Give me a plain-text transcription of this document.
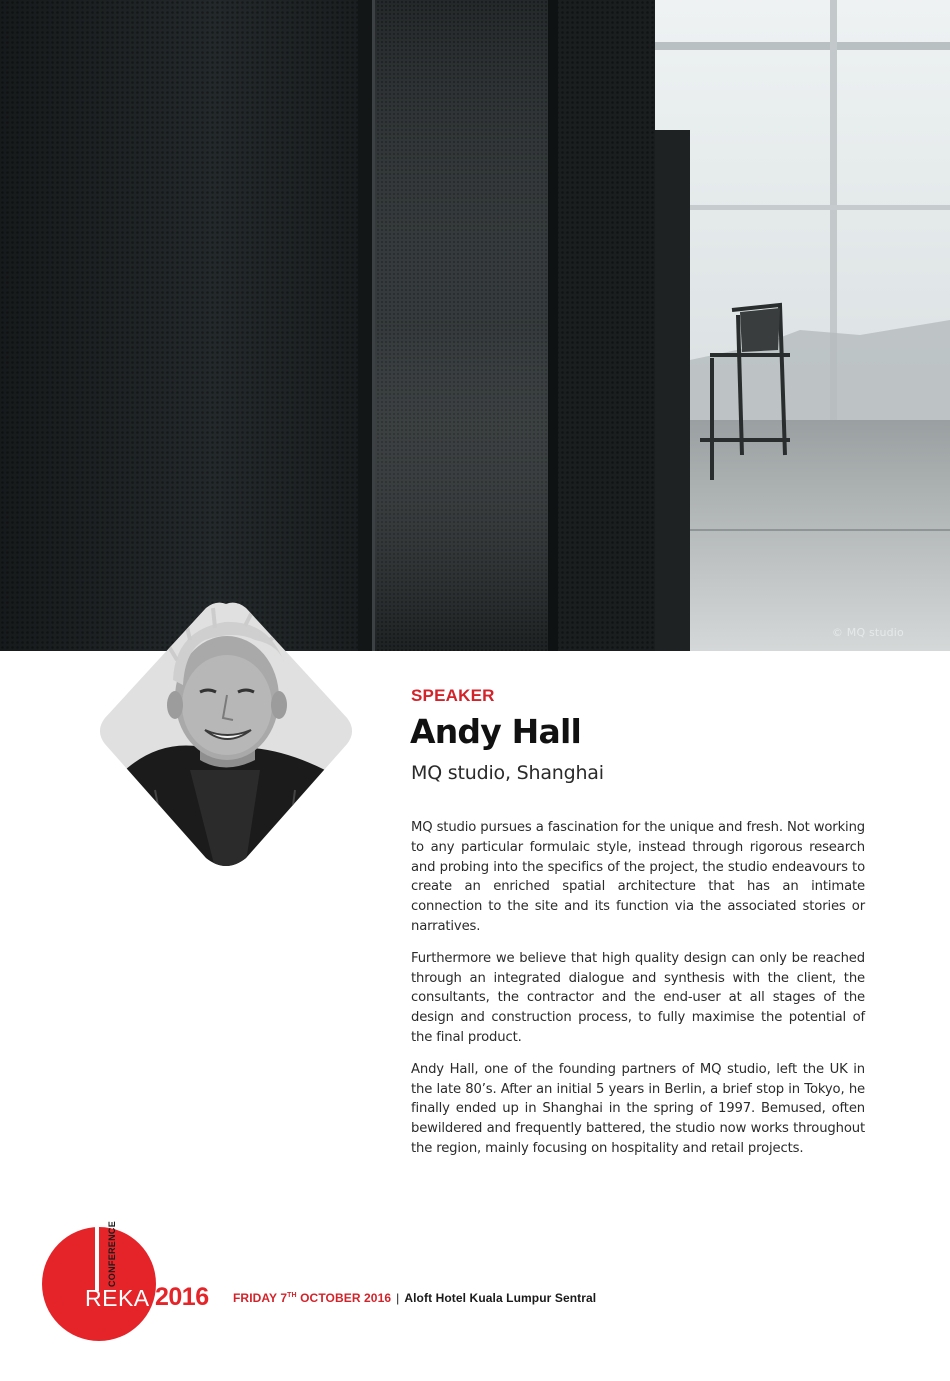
© MQ studio
SPEAKER
Andy Hall
MQ studio, Shanghai

MQ studio pursues a fascination for the unique and fresh. Not working to any particular formulaic style, instead through rigorous research and probing into the specifics of the project, the studio endeavours to create an enriched spatial architecture that has an intimate connection to the site and its function via the associated stories or narratives.

Furthermore we believe that high quality design can only be reached through an integrated dialogue and synthesis with the client, the consultants, the contractor and the end-user at all stages of the design and construction process, to fully maximise the potential of the final product.

Andy Hall, one of the founding partners of MQ studio, left the UK in the late 80’s. After an initial 5 years in Berlin, a brief stop in Tokyo, he finally ended up in Shanghai in the spring of 1997. Bemused, often bewildered and frequently battered, the studio now works throughout the region, mainly focusing on hospitality and retail projects.

CONFERENCE
REKA 2016 FRIDAY 7TH OCTOBER 2016 | Aloft Hotel Kuala Lumpur Sentral
